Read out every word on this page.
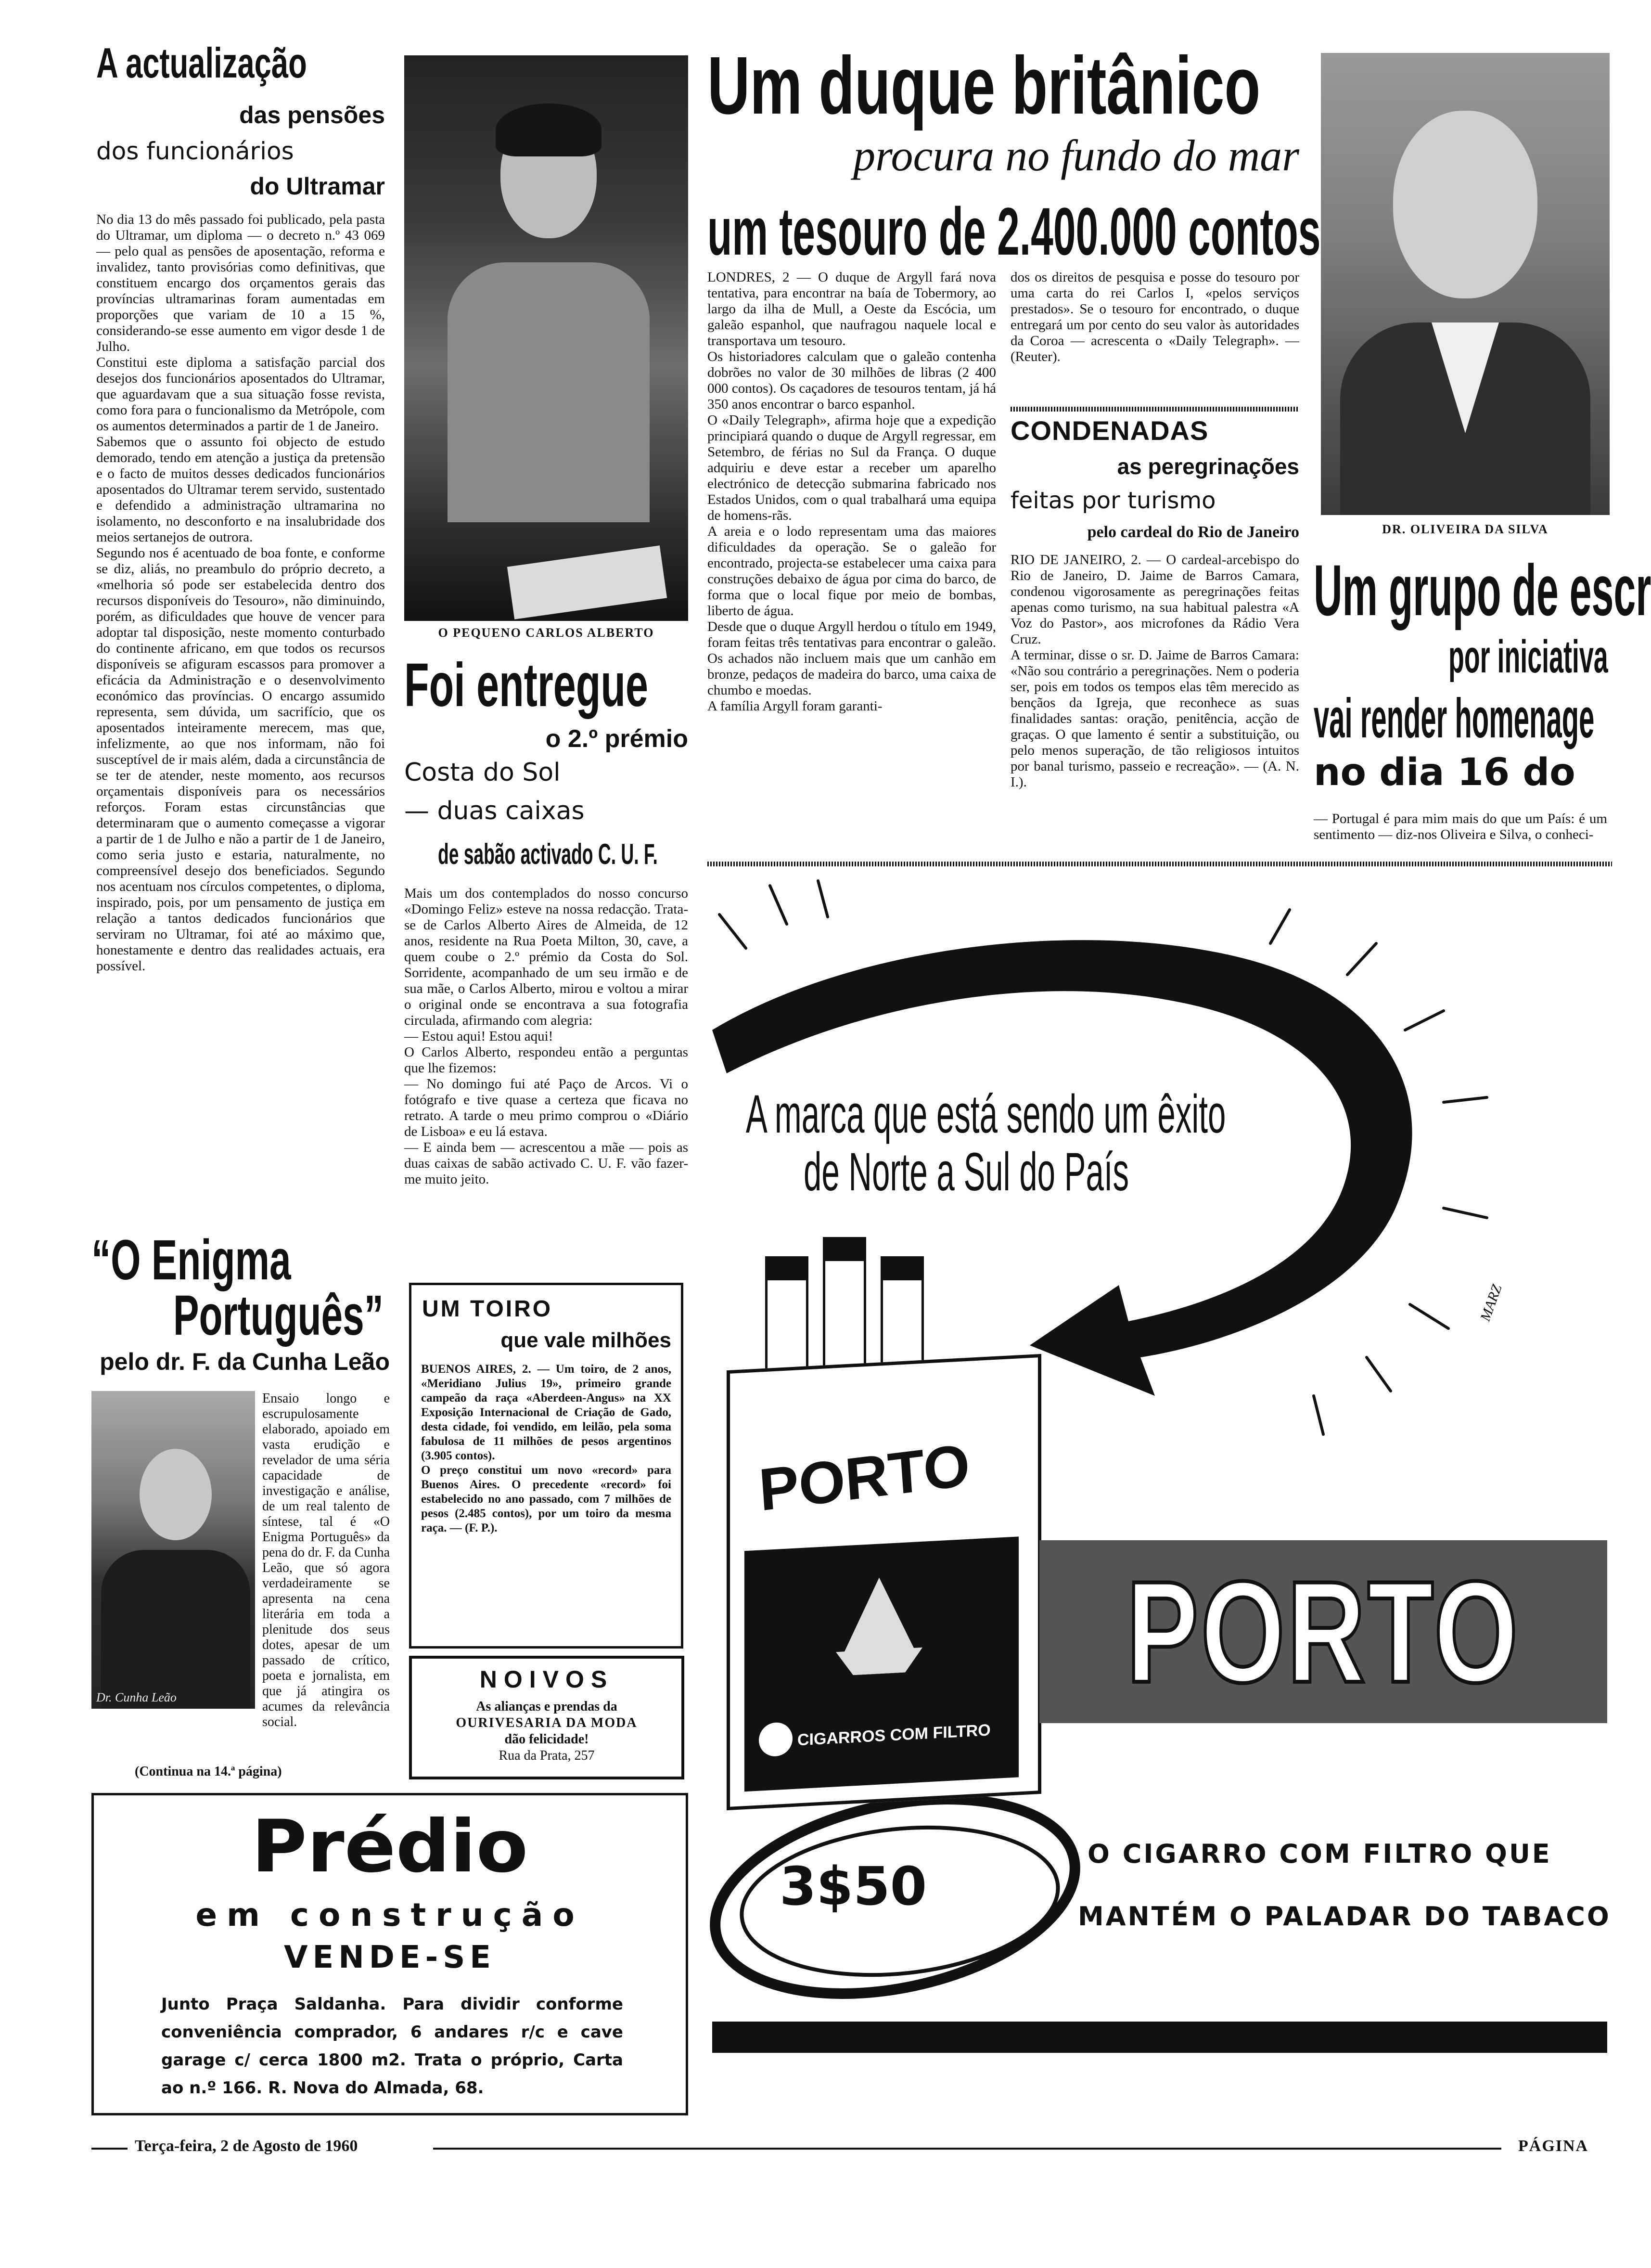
A actualização
das pensões
dos funcionários
do Ultramar

No dia 13 do mês passado foi publicado, pela pasta do Ultramar, um diploma — o decreto n.º 43 069 — pelo qual as pensões de aposentação, reforma e invalidez, tanto provisórias como definitivas, que constituem encargo dos orçamentos gerais das províncias ultramarinas foram aumentadas em proporções que variam de 10 a 15 %, considerando-se esse aumento em vigor desde 1 de Julho.
Constitui este diploma a satisfação parcial dos desejos dos funcionários aposentados do Ultramar, que aguardavam que a sua situação fosse revista, como fora para o funcionalismo da Metrópole, com os aumentos determinados a partir de 1 de Janeiro.
Sabemos que o assunto foi objecto de estudo demorado, tendo em atenção a justiça da pretensão e o facto de muitos desses dedicados funcionários aposentados do Ultramar terem servido, sustentado e defendido a administração ultramarina no isolamento, no desconforto e na insalubridade dos meios sertanejos de outrora.
Segundo nos é acentuado de boa fonte, e conforme se diz, aliás, no preambulo do próprio decreto, a «melhoria só pode ser estabelecida dentro dos recursos disponíveis do Tesouro», não diminuindo, porém, as dificuldades que houve de vencer para adoptar tal disposição, neste momento conturbado do continente africano, em que todos os recursos disponíveis se afiguram escassos para promover a eficácia da Administração e o desenvolvimento económico das províncias. O encargo assumido representa, sem dúvida, um sacrifício, que os aposentados inteiramente merecem, mas que, infelizmente, ao que nos informam, não foi susceptível de ir mais além, dada a circunstância de se ter de atender, neste momento, aos recursos orçamentais disponíveis para os necessários reforços. Foram estas circunstâncias que determinaram que o aumento começasse a vigorar a partir de 1 de Julho e não a partir de 1 de Janeiro, como seria justo e estaria, naturalmente, no compreensível desejo dos beneficiados. Segundo nos acentuam nos círculos competentes, o diploma, inspirado, pois, por um pensamento de justiça em relação a tantos dedicados funcionários que serviram no Ultramar, foi até ao máximo que, honestamente e dentro das realidades actuais, era possível.

“O Enigma
Português”
pelo dr. F. da Cunha Leão
Dr. Cunha Leão

Ensaio longo e escrupulosamente elaborado, apoiado em vasta erudição e revelador de uma séria capacidade de investigação e análise, de um real talento de síntese, tal é «O Enigma Português» da pena do dr. F. da Cunha Leão, que só agora verdadeiramente se apresenta na cena literária em toda a plenitude dos seus dotes, apesar de um passado de crítico, poeta e jornalista, em que já atingira os acumes da relevância social.

(Continua na 14.ª página)
O PEQUENO CARLOS ALBERTO
Foi entregue
o 2.º prémio
Costa do Sol
— duas caixas
de sabão activado C. U. F.

Mais um dos contemplados do nosso concurso «Domingo Feliz» esteve na nossa redacção. Trata-se de Carlos Alberto Aires de Almeida, de 12 anos, residente na Rua Poeta Milton, 30, cave, a quem coube o 2.º prémio da Costa do Sol. Sorridente, acompanhado de um seu irmão e de sua mãe, o Carlos Alberto, mirou e voltou a mirar o original onde se encontrava a sua fotografia circulada, afirmando com alegria:
— Estou aqui! Estou aqui!
O Carlos Alberto, respondeu então a perguntas que lhe fizemos:
— No domingo fui até Paço de Arcos. Vi o fotógrafo e tive quase a certeza que ficava no retrato. A tarde o meu primo comprou o «Diário de Lisboa» e eu lá estava.
— E ainda bem — acrescentou a mãe — pois as duas caixas de sabão activado C. U. F. vão fazer-me muito jeito.

UM TOIRO
que vale milhões

BUENOS AIRES, 2. — Um toiro, de 2 anos, «Meridiano Julius 19», primeiro grande campeão da raça «Aberdeen-Angus» na XX Exposição Internacional de Criação de Gado, desta cidade, foi vendido, em leilão, pela soma fabulosa de 11 milhões de pesos argentinos (3.905 contos).
O preço constitui um novo «record» para Buenos Aires. O precedente «record» foi estabelecido no ano passado, com 7 milhões de pesos (2.485 contos), por um toiro da mesma raça. — (F. P.).

NOIVOS
As alianças e prendas da
OURIVESARIA DA MODA
dão felicidade!
Rua da Prata, 257
Prédio
em construção
VENDE-SE

Junto Praça Saldanha. Para dividir conforme conveniência comprador, 6 andares r/c e cave garage c/ cerca 1800 m2. Trata o próprio, Carta ao n.º 166. R. Nova do Almada, 68.

Um duque britânico
procura no fundo do mar
um tesouro de 2.400.000 contos

LONDRES, 2 — O duque de Argyll fará nova tentativa, para encontrar na baía de Tobermory, ao largo da ilha de Mull, a Oeste da Escócia, um galeão espanhol, que naufragou naquele local e transportava um tesouro.
Os historiadores calculam que o galeão contenha dobrões no valor de 30 milhões de libras (2 400 000 contos). Os caçadores de tesouros tentam, já há 350 anos encontrar o barco espanhol.
O «Daily Telegraph», afirma hoje que a expedição principiará quando o duque de Argyll regressar, em Setembro, de férias no Sul da França. O duque adquiriu e deve estar a receber um aparelho electrónico de detecção submarina fabricado nos Estados Unidos, com o qual trabalhará uma equipa de homens-rãs.
A areia e o lodo representam uma das maiores dificuldades da operação. Se o galeão for encontrado, projecta-se estabelecer uma caixa para construções debaixo de água por cima do barco, de forma que o local fique por meio de bombas, liberto de água.
Desde que o duque Argyll herdou o título em 1949, foram feitas três tentativas para encontrar o galeão. Os achados não incluem mais que um canhão em bronze, pedaços de madeira do barco, uma caixa de chumbo e moedas.
A família Argyll foram garanti-

dos os direitos de pesquisa e posse do tesouro por uma carta do rei Carlos I, «pelos serviços prestados». Se o tesouro for encontrado, o duque entregará um por cento do seu valor às autoridades da Coroa — acrescenta o «Daily Telegraph». — (Reuter).

CONDENADAS
as peregrinações
feitas por turismo
pelo cardeal do Rio de Janeiro

RIO DE JANEIRO, 2. — O cardeal-arcebispo do Rio de Janeiro, D. Jaime de Barros Camara, condenou vigorosamente as peregrinações feitas apenas como turismo, na sua habitual palestra «A Voz do Pastor», aos microfones da Rádio Vera Cruz.
A terminar, disse o sr. D. Jaime de Barros Camara: «Não sou contrário a peregrinações. Nem o poderia ser, pois em todos os tempos elas têm merecido as bençãos da Igreja, que reconhece as suas finalidades santas: oração, penitência, acção de graças. O que lamento é sentir a substituição, ou pelo menos superação, de tão religiosos intuitos por banal turismo, passeio e recreação». — (A. N. I.).

DR. OLIVEIRA DA SILVA
Um grupo de escr
por iniciativa
vai render homenage
no dia 16 do

— Portugal é para mim mais do que um País: é um sentimento — diz-nos Oliveira e Silva, o conheci-

A marca que está sendo um êxito
de Norte a Sul do País
PORTO
CIGARROS COM FILTRO
PORTO
MARZ
3$50
O CIGARRO COM FILTRO QUE
MANTÉM O PALADAR DO TABACO
Terça-feira, 2 de Agosto de 1960	PÁGINA
